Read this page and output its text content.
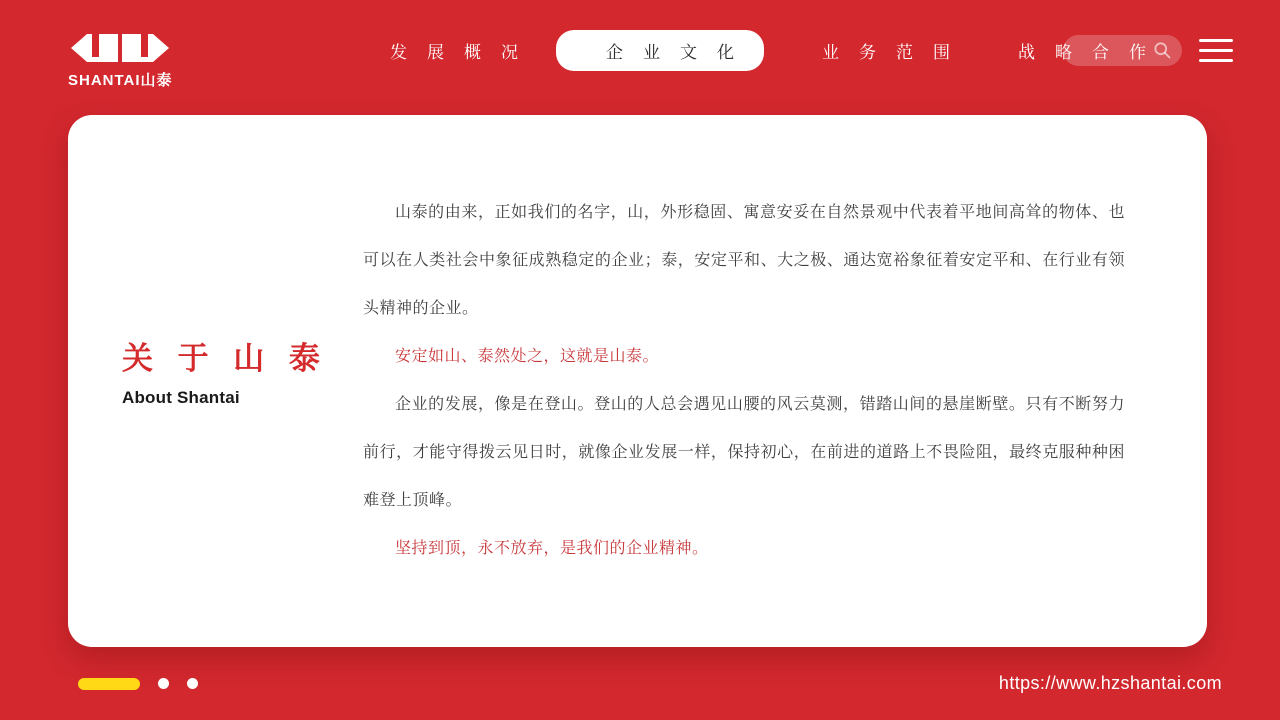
SHANTAI山泰
发展概况	企业文化	业务范围	战略合作
关 于 山 泰
About Shantai

山泰的由来，正如我们的名字，山，外形稳固、寓意安妥在自然景观中代表着平地间高耸的物体、也可以在人类社会中象征成熟稳定的企业；泰，安定平和、大之极、通达宽裕象征着安定平和、在行业有领头精神的企业。

安定如山、泰然处之，这就是山泰。

企业的发展，像是在登山。登山的人总会遇见山腰的风云莫测，错踏山间的悬崖断壁。只有不断努力前行，才能守得拨云见日时，就像企业发展一样，保持初心，在前进的道路上不畏险阻，最终克服种种困难登上顶峰。

坚持到顶，永不放弃，是我们的企业精神。

https://www.hzshantai.com
